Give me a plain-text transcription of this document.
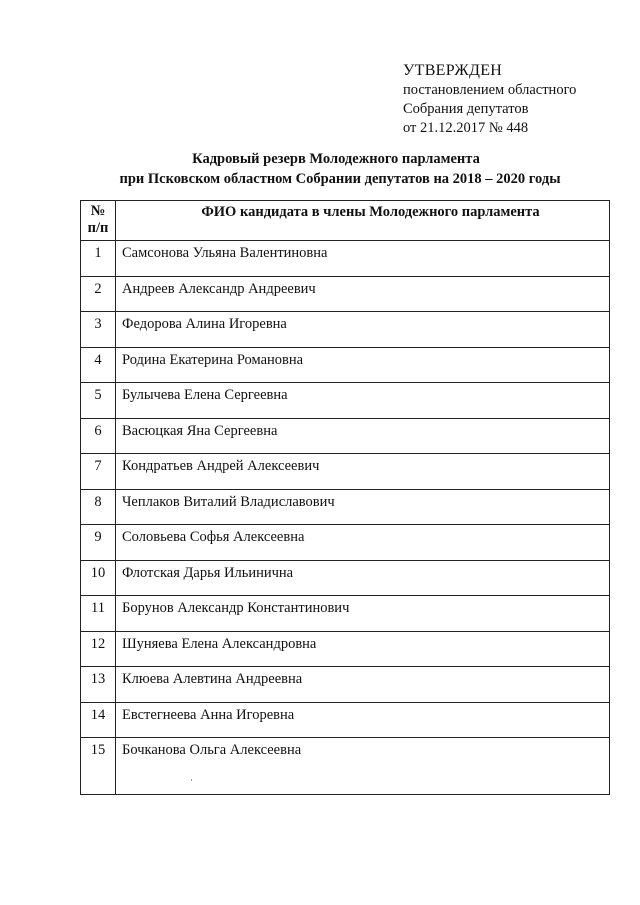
УТВЕРЖДЕН
постановлением областного
Собрания депутатов
от 21.12.2017 № 448
Кадровый резерв Молодежного парламента
при Псковском областном Собрании депутатов на 2018 – 2020 годы
№
п/п	ФИО кандидата в члены Молодежного парламента
1	Самсонова Ульяна Валентиновна
2	Андреев Александр Андреевич
3	Федорова Алина Игоревна
4	Родина Екатерина Романовна
5	Булычева Елена Сергеевна
6	Васюцкая Яна Сергеевна
7	Кондратьев Андрей Алексеевич
8	Чеплаков Виталий Владиславович
9	Соловьева Софья Алексеевна
10	Флотская Дарья Ильинична
11	Борунов Александр Константинович
12	Шуняева Елена Александровна
13	Клюева Алевтина Андреевна
14	Евстегнеева Анна Игоревна
15	Бочканова Ольга Алексеевна
